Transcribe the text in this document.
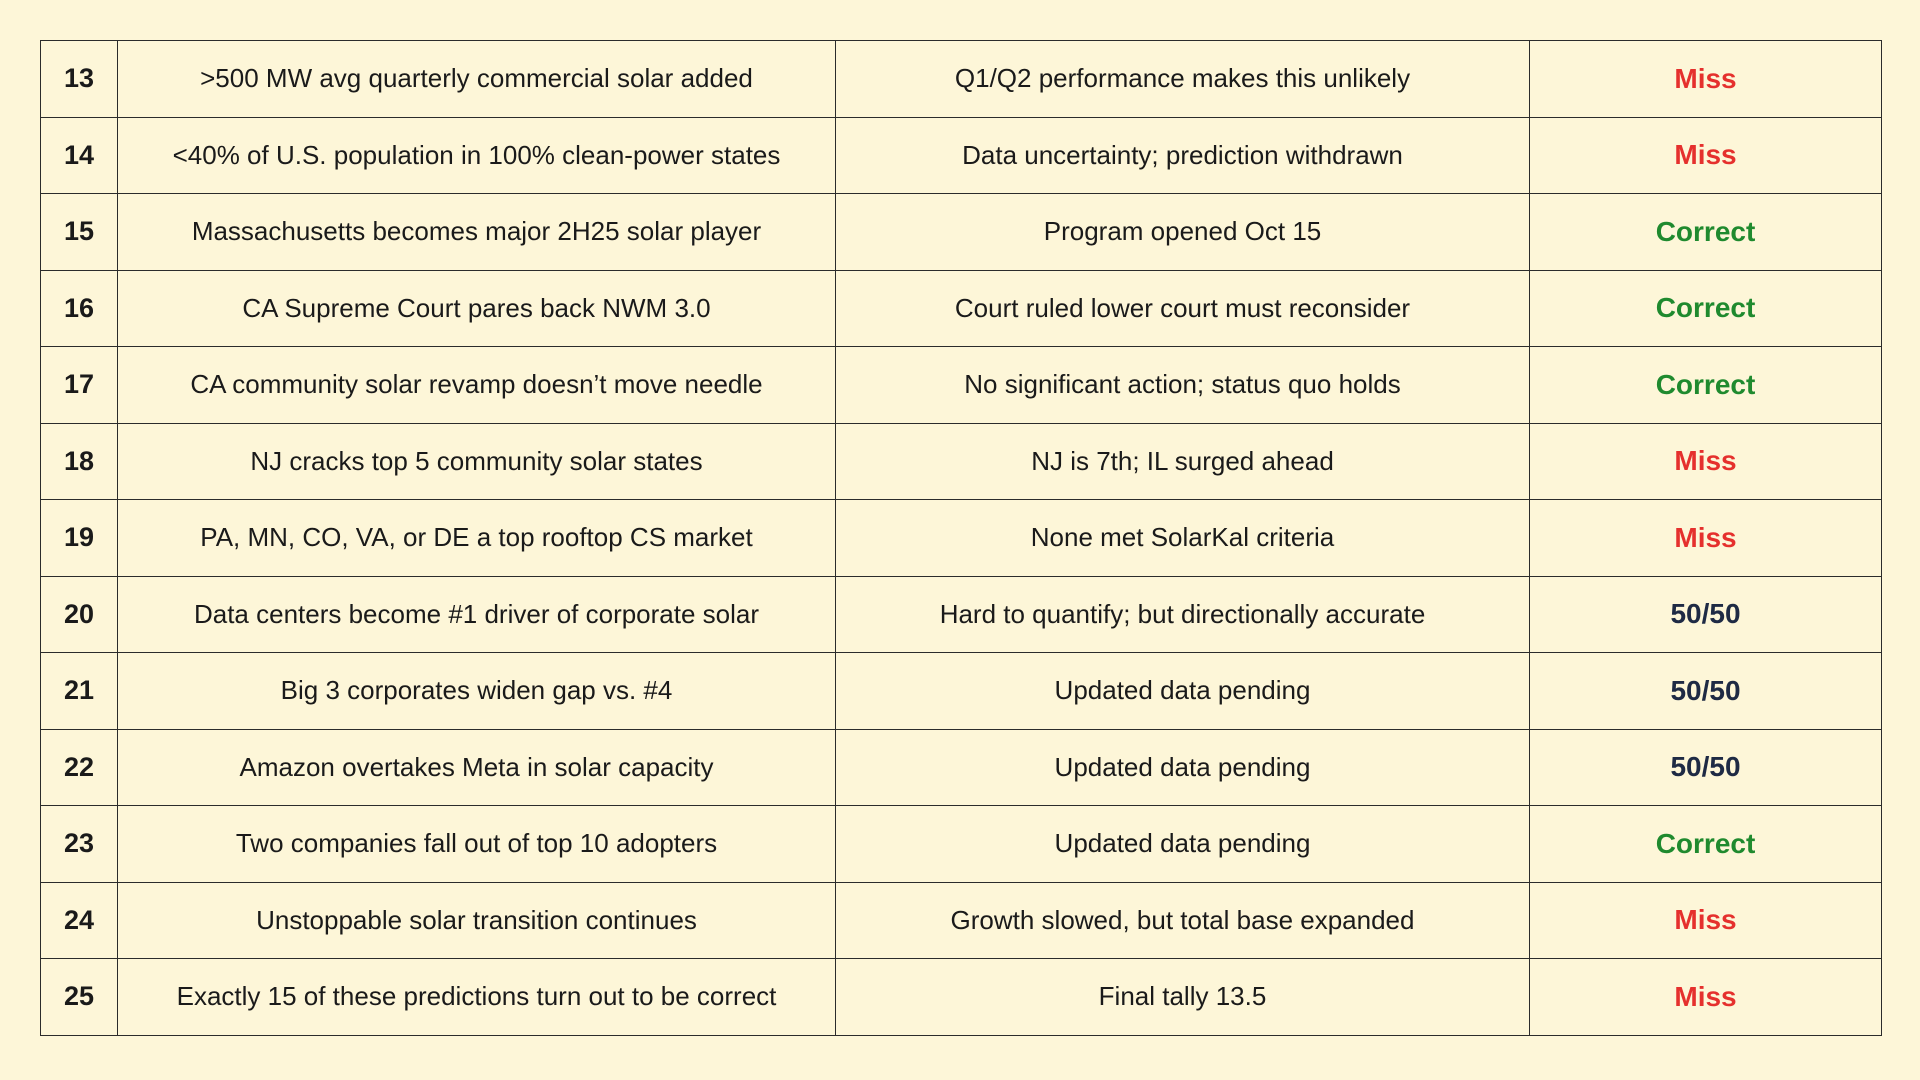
13	>500 MW avg quarterly commercial solar added	Q1/Q2 performance makes this unlikely	Miss
14	<40% of U.S. population in 100% clean-power states	Data uncertainty; prediction withdrawn	Miss
15	Massachusetts becomes major 2H25 solar player	Program opened Oct 15	Correct
16	CA Supreme Court pares back NWM 3.0	Court ruled lower court must reconsider	Correct
17	CA community solar revamp doesn’t move needle	No significant action; status quo holds	Correct
18	NJ cracks top 5 community solar states	NJ is 7th; IL surged ahead	Miss
19	PA, MN, CO, VA, or DE a top rooftop CS market	None met SolarKal criteria	Miss
20	Data centers become #1 driver of corporate solar	Hard to quantify; but directionally accurate	50/50
21	Big 3 corporates widen gap vs. #4	Updated data pending	50/50
22	Amazon overtakes Meta in solar capacity	Updated data pending	50/50
23	Two companies fall out of top 10 adopters	Updated data pending	Correct
24	Unstoppable solar transition continues	Growth slowed, but total base expanded	Miss
25	Exactly 15 of these predictions turn out to be correct	Final tally 13.5	Miss
